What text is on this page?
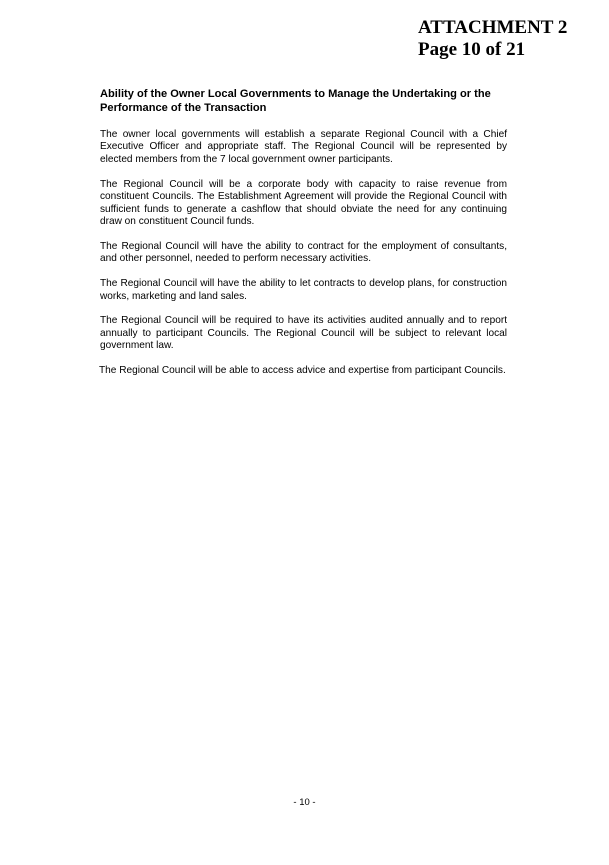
ATTACHMENT 2
Page 10 of 21
Ability of the Owner Local Governments to Manage the Undertaking or the Performance of the Transaction

The owner local governments will establish a separate Regional Council with a Chief Executive Officer and appropriate staff. The Regional Council will be represented by elected members from the 7 local government owner participants.

The Regional Council will be a corporate body with capacity to raise revenue from constituent Councils. The Establishment Agreement will provide the Regional Council with sufficient funds to generate a cashflow that should obviate the need for any continuing draw on constituent Council funds.

The Regional Council will have the ability to contract for the employment of consultants, and other personnel, needed to perform necessary activities.

The Regional Council will have the ability to let contracts to develop plans, for construction works, marketing and land sales.

The Regional Council will be required to have its activities audited annually and to report annually to participant Councils. The Regional Council will be subject to relevant local government law.

The Regional Council will be able to access advice and expertise from participant Councils.

- 10 -
